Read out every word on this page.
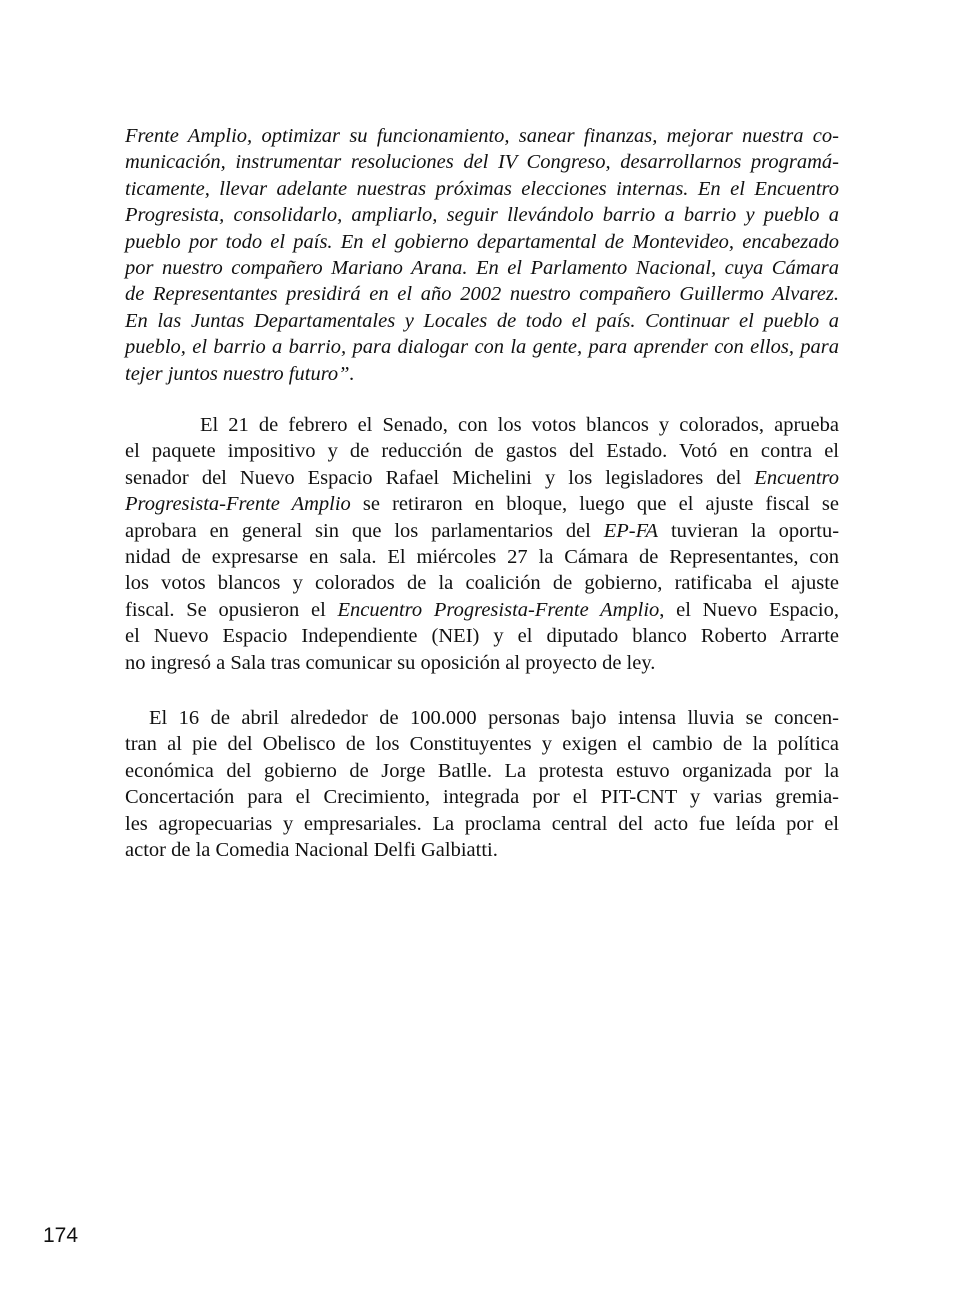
Frente Amplio, optimizar su funcionamiento, sanear finanzas, mejorar nuestra co-
municación, instrumentar resoluciones del IV Congreso, desarrollarnos programá-
ticamente, llevar adelante nuestras próximas elecciones internas. En el Encuentro
Progresista, consolidarlo, ampliarlo, seguir llevándolo barrio a barrio y pueblo a
pueblo por todo el país. En el gobierno departamental de Montevideo, encabezado
por nuestro compañero Mariano Arana. En el Parlamento Nacional, cuya Cámara
de Representantes presidirá en el año 2002 nuestro compañero Guillermo Alvarez.
En las Juntas Departamentales y Locales de todo el país. Continuar el pueblo a
pueblo, el barrio a barrio, para dialogar con la gente, para aprender con ellos, para
tejer juntos nuestro futuro”.
El 21 de febrero el Senado, con los votos blancos y colorados, aprueba
el paquete impositivo y de reducción de gastos del Estado. Votó en contra el
senador del Nuevo Espacio Rafael Michelini y los legisladores del Encuentro
Progresista-Frente Amplio se retiraron en bloque, luego que el ajuste fiscal se
aprobara en general sin que los parlamentarios del EP-FA tuvieran la oportu-
nidad de expresarse en sala. El miércoles 27 la Cámara de Representantes, con
los votos blancos y colorados de la coalición de gobierno, ratificaba el ajuste
fiscal. Se opusieron el Encuentro Progresista-Frente Amplio, el Nuevo Espacio,
el Nuevo Espacio Independiente (NEI) y el diputado blanco Roberto Arrarte
no ingresó a Sala tras comunicar su oposición al proyecto de ley.
El 16 de abril alrededor de 100.000 personas bajo intensa lluvia se concen-
tran al pie del Obelisco de los Constituyentes y exigen el cambio de la política
económica del gobierno de Jorge Batlle. La protesta estuvo organizada por la
Concertación para el Crecimiento, integrada por el PIT-CNT y varias gremia-
les agropecuarias y empresariales. La proclama central del acto fue leída por el
actor de la Comedia Nacional Delfi Galbiatti.
174
